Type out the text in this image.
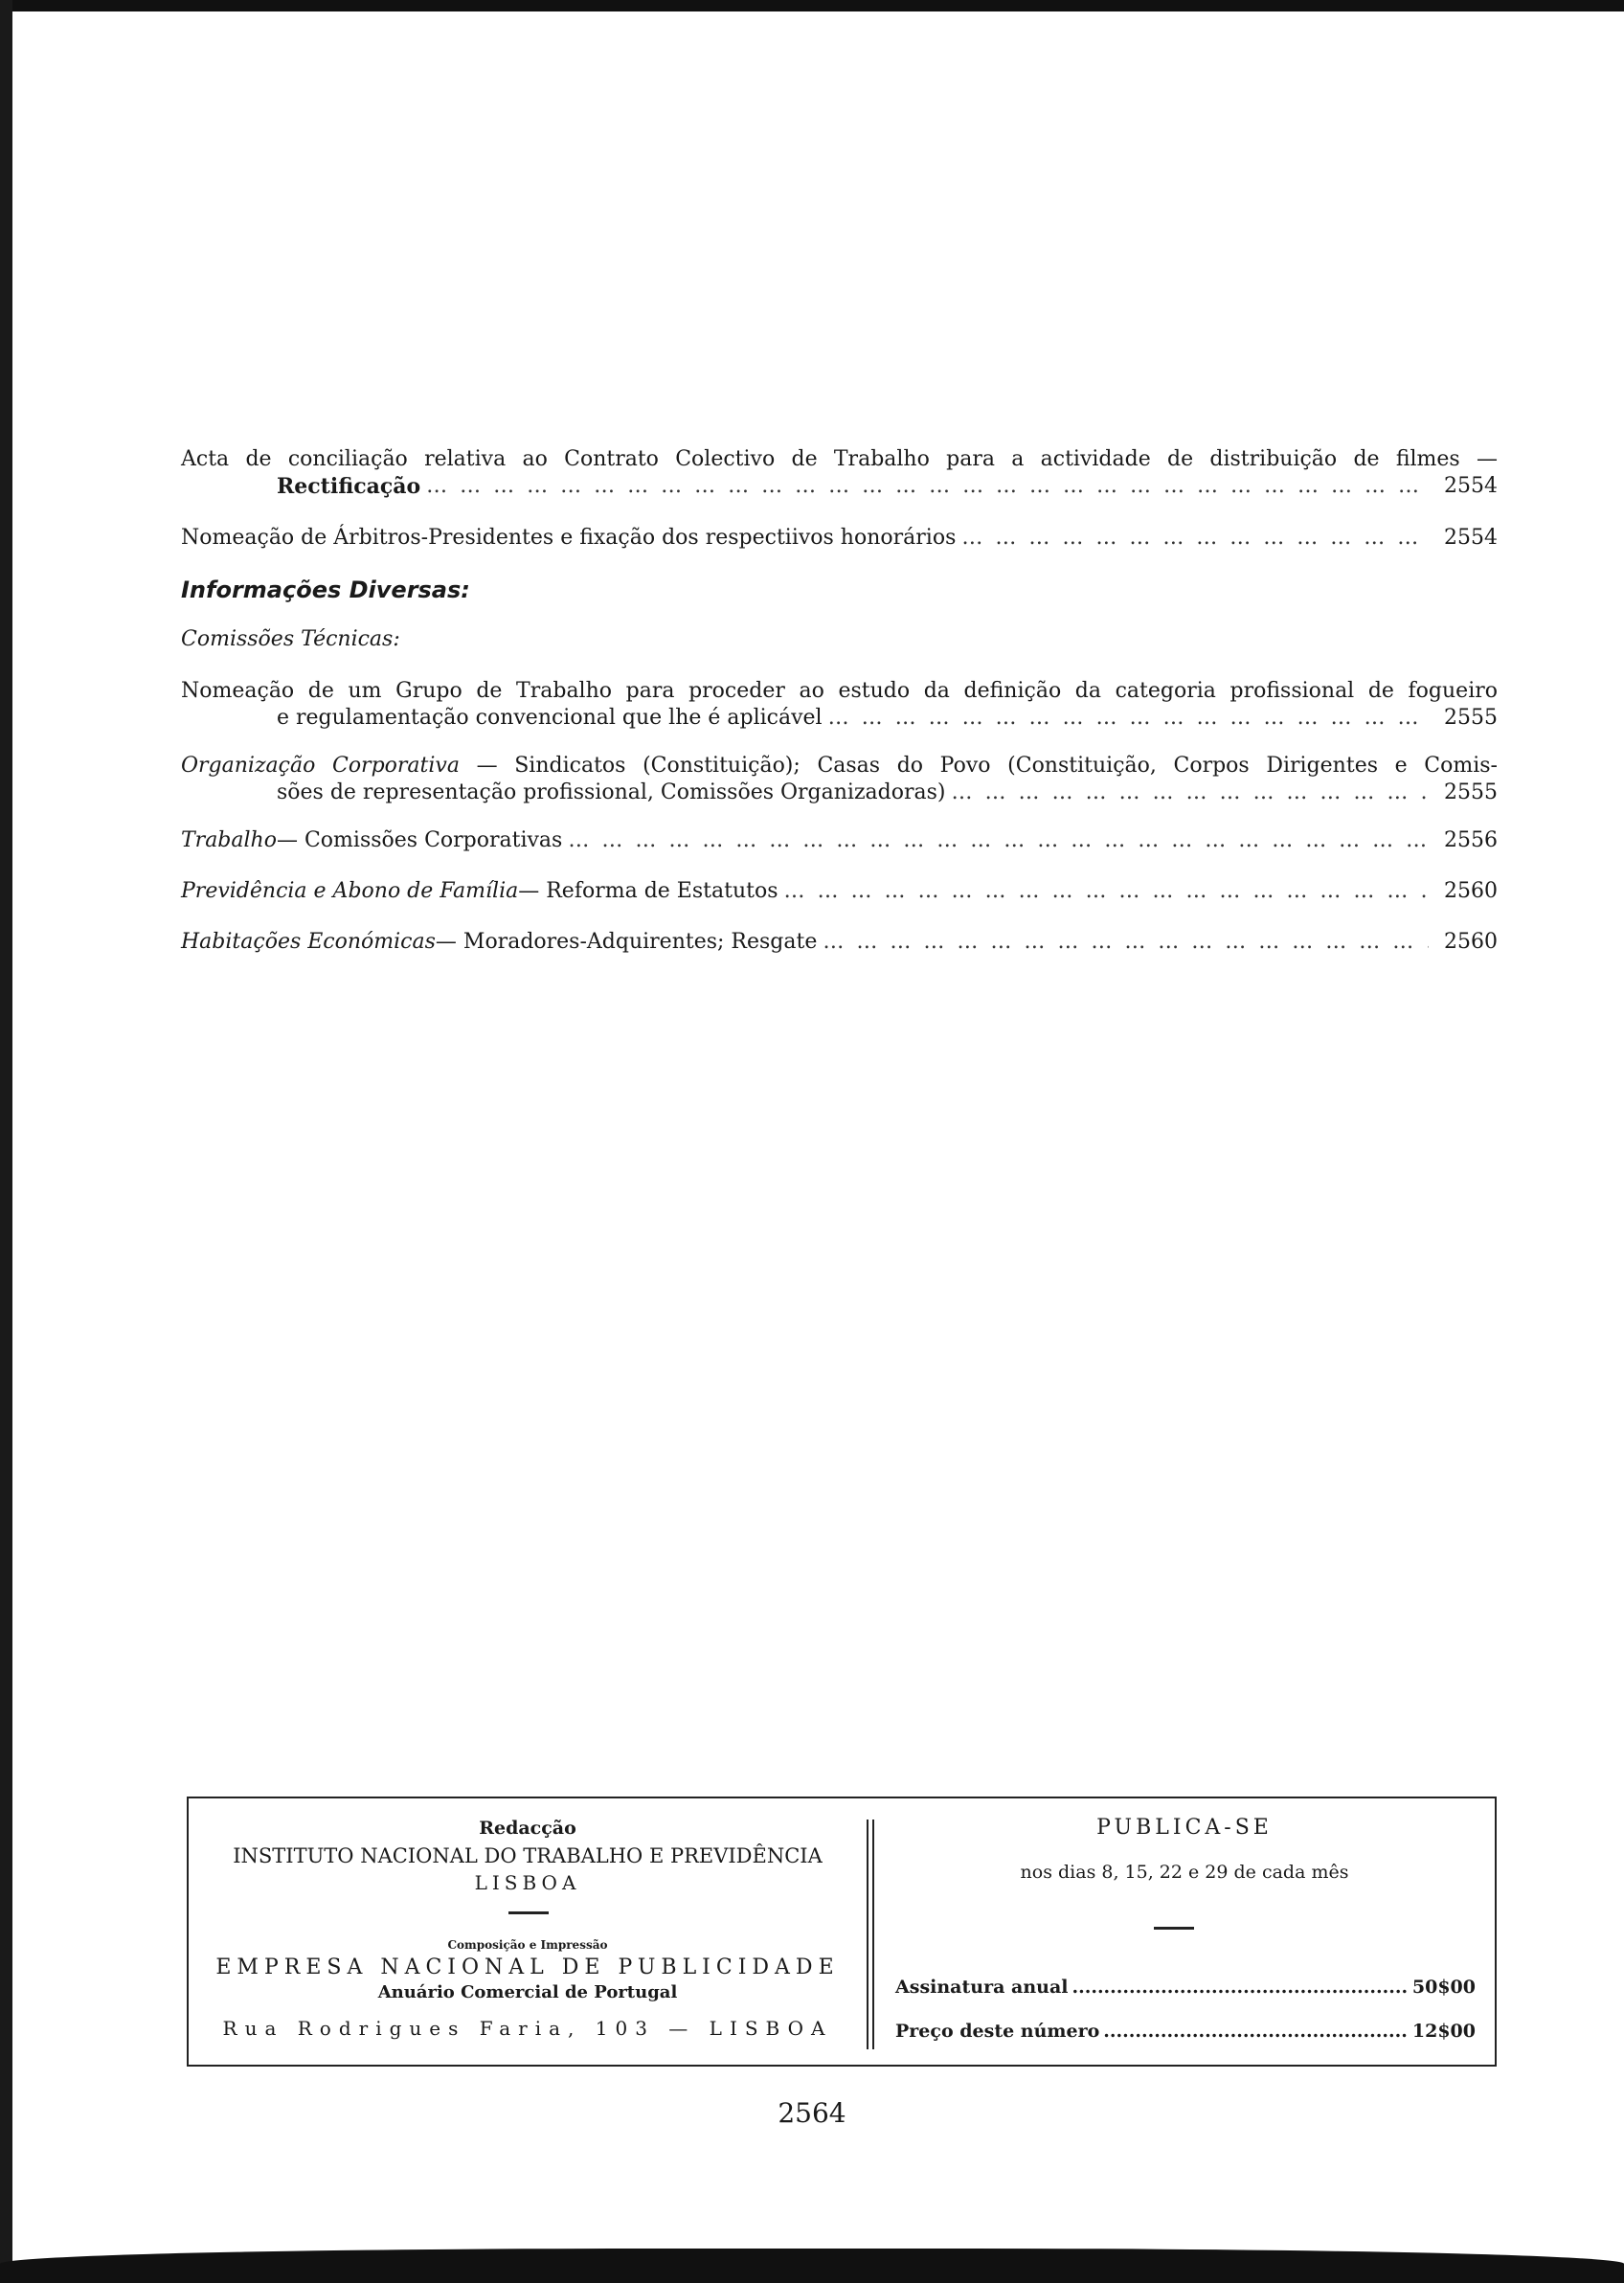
Acta de conciliação relativa ao Contrato Colectivo de Trabalho para a actividade de distribuição de filmes —
Rectificação … … … … … … … … … … … … … … … … … … … … … … … … … … … … … … … … … … … … … … … … … …	2554
Nomeação de Árbitros-Presidentes e fixação dos respectiivos honorários … … … … … … … … … … … … … … … … … … … … … … … … … … … … … … … … … … … … … … … … … …	2554
Informações Diversas:
Comissões Técnicas:
Nomeação de um Grupo de Trabalho para proceder ao estudo da definição da categoria profissional de fogueiro
e regulamentação convencional que lhe é aplicável … … … … … … … … … … … … … … … … … … … … … … … … … … … … … … … … … … … … … … … … … …	2555
Organização Corporativa — Sindicatos (Constituição); Casas do Povo (Constituição, Corpos Dirigentes e Comis-
sões de representação profissional, Comissões Organizadoras) … … … … … … … … … … … … … … … … … … … … … … … … … … … … … … … … … … … … … … … … … …	2555
Trabalho — Comissões Corporativas … … … … … … … … … … … … … … … … … … … … … … … … … … … … … … … … … … … … … … … … … …	2556
Previdência e Abono de Família — Reforma de Estatutos … … … … … … … … … … … … … … … … … … … … … … … … … … … … … … … … … … … … … … … … … …	2560
Habitações Económicas — Moradores-Adquirentes; Resgate … … … … … … … … … … … … … … … … … … … … … … … … … … … … … … … … … … … … … … … … … …	2560
Redacção
INSTITUTO NACIONAL DO TRABALHO E PREVIDÊNCIA
LISBOA
Composição e Impressão
EMPRESA NACIONAL DE PUBLICIDADE
Anuário Comercial de Portugal
Rua Rodrigues Faria, 103 — LISBOA
PUBLICA-SE
nos dias 8, 15, 22 e 29 de cada mês
Assinatura anual .....	50$00
Preço deste número .....	12$00
2564
